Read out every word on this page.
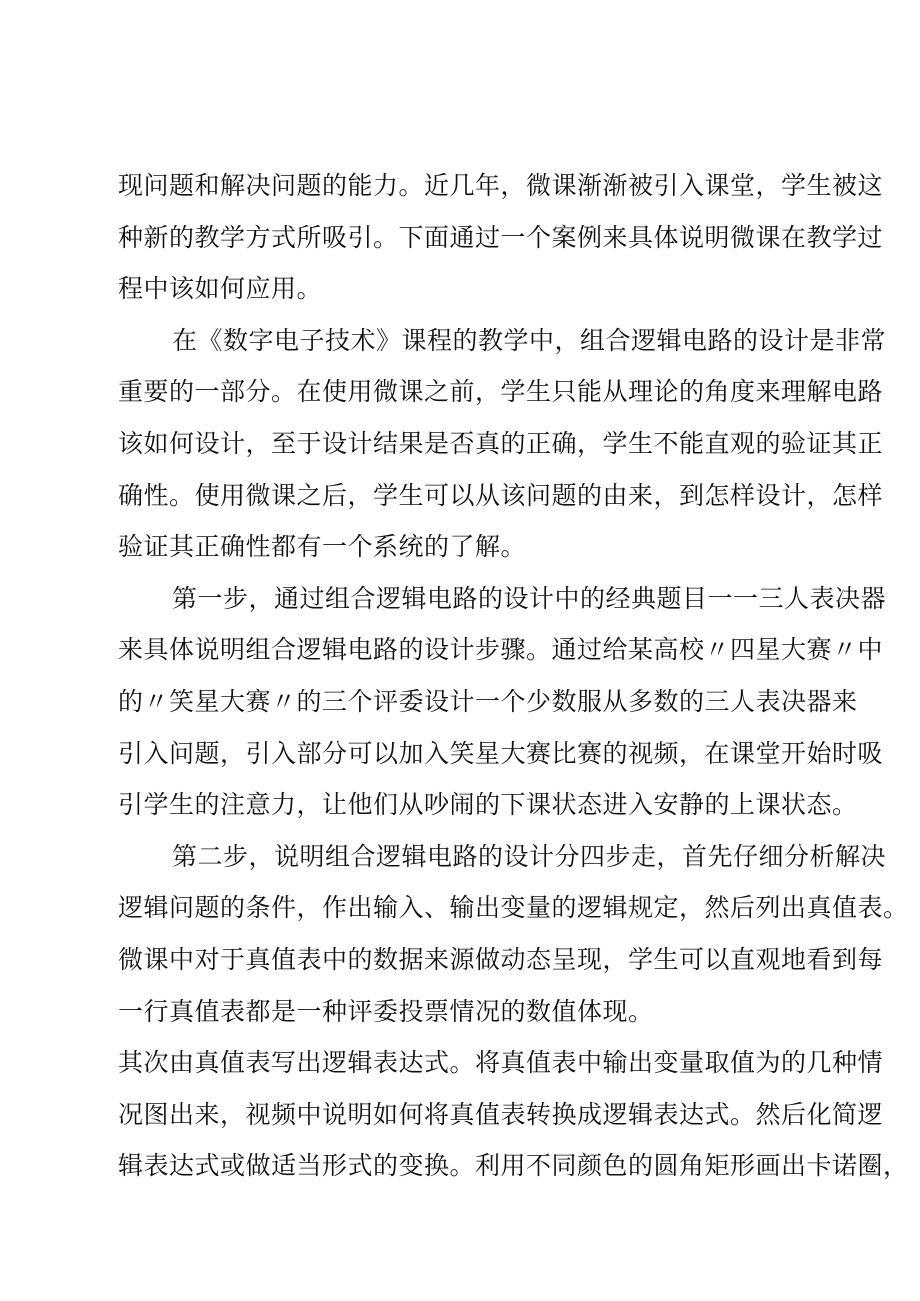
现问题和解决问题的能力。近几年，微课渐渐被引入课堂，学生被这
种新的教学方式所吸引。下面通过一个案例来具体说明微课在教学过
程中该如何应用。
在《数字电子技术》课程的教学中，组合逻辑电路的设计是非常
重要的一部分。在使用微课之前，学生只能从理论的角度来理解电路
该如何设计，至于设计结果是否真的正确，学生不能直观的验证其正
确性。使用微课之后，学生可以从该问题的由来，到怎样设计，怎样
验证其正确性都有一个系统的了解。
第一步，通过组合逻辑电路的设计中的经典题目一一三人表决器
来具体说明组合逻辑电路的设计步骤。通过给某高校〃四星大赛〃中
的〃笑星大赛〃的三个评委设计一个少数服从多数的三人表决器来
引入问题，引入部分可以加入笑星大赛比赛的视频，在课堂开始时吸
引学生的注意力，让他们从吵闹的下课状态进入安静的上课状态。
第二步，说明组合逻辑电路的设计分四步走，首先仔细分析解决
逻辑问题的条件，作出输入、输出变量的逻辑规定，然后列出真值表。
微课中对于真值表中的数据来源做动态呈现，学生可以直观地看到每
一行真值表都是一种评委投票情况的数值体现。
其次由真值表写出逻辑表达式。将真值表中输出变量取值为的几种情
况图出来，视频中说明如何将真值表转换成逻辑表达式。然后化简逻
辑表达式或做适当形式的变换。利用不同颜色的圆角矩形画出卡诺圈，
